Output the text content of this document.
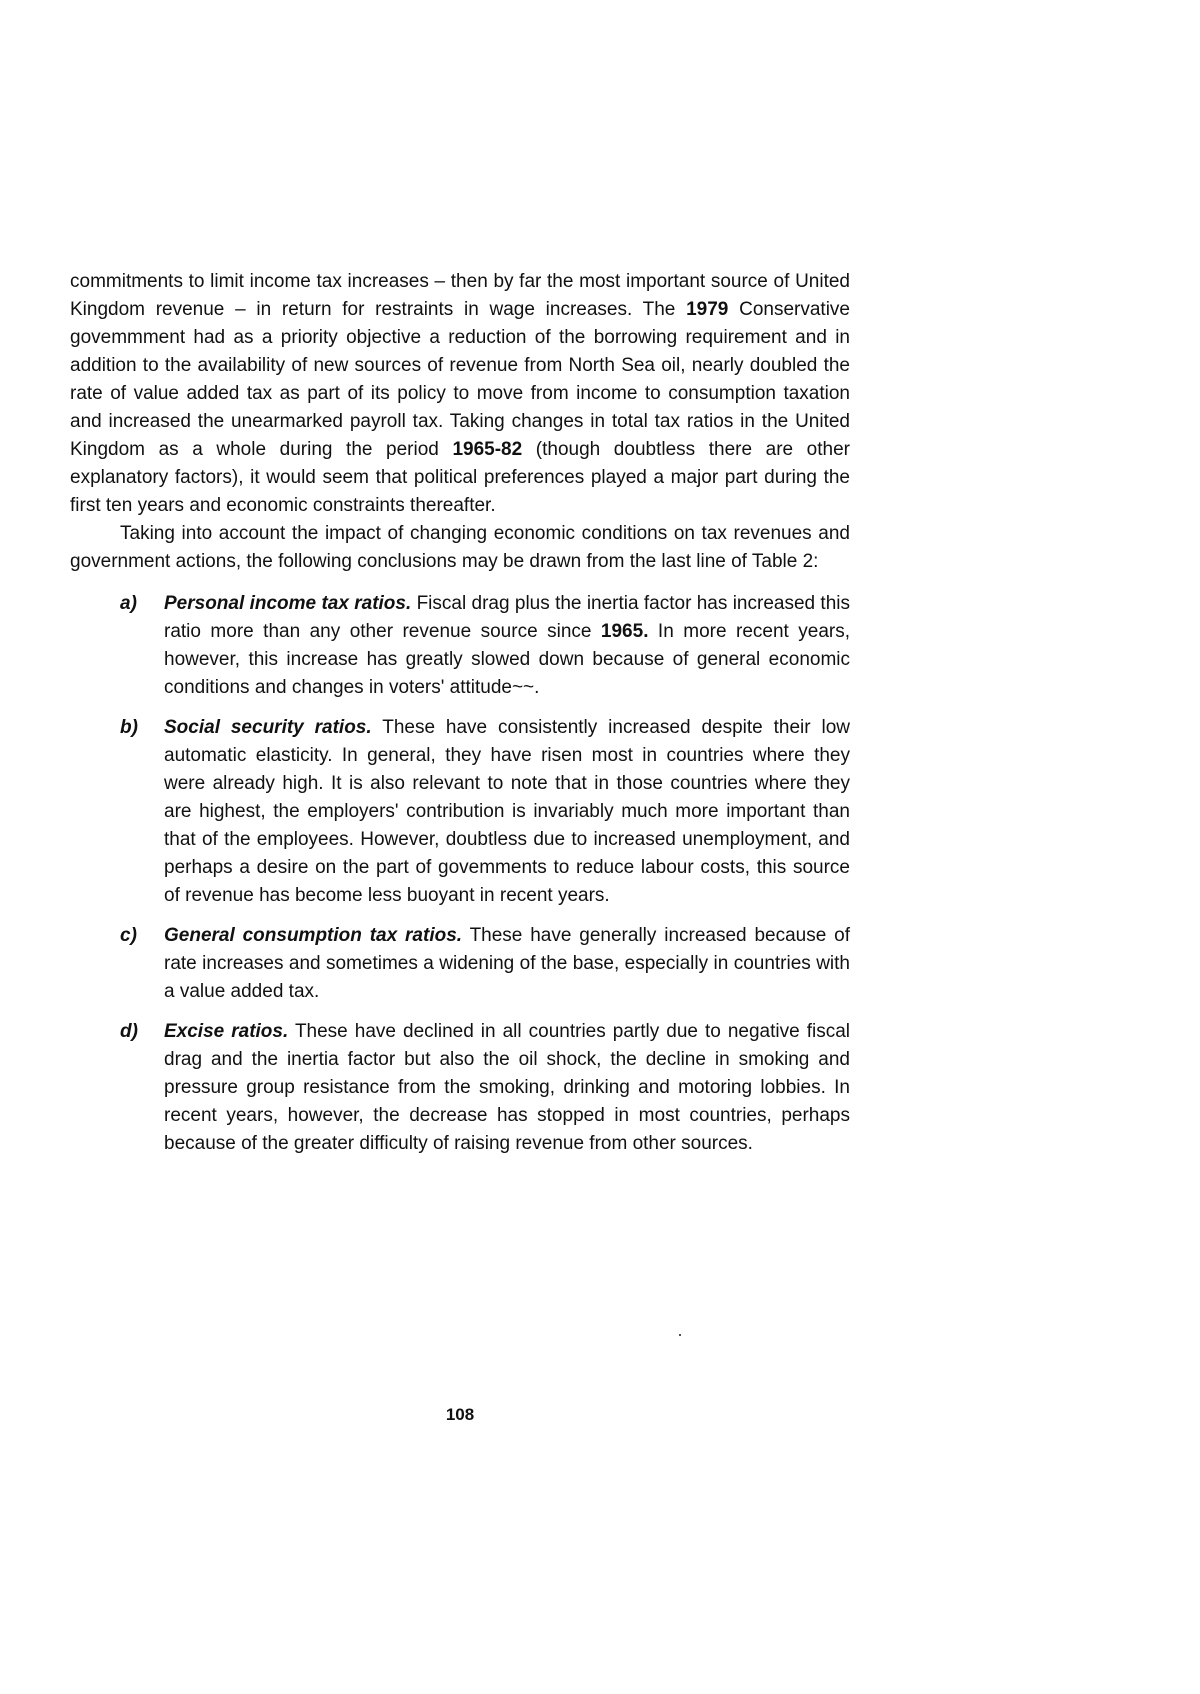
commitments to limit income tax increases – then by far the most important source of United Kingdom revenue – in return for restraints in wage increases. The 1979 Conservative govemmment had as a priority objective a reduction of the borrowing requirement and in addition to the availability of new sources of revenue from North Sea oil, nearly doubled the rate of value added tax as part of its policy to move from income to consumption taxation and increased the unearmarked payroll tax. Taking changes in total tax ratios in the United Kingdom as a whole during the period 1965-82 (though doubtless there are other explanatory factors), it would seem that political preferences played a major part during the first ten years and economic constraints thereafter.

Taking into account the impact of changing economic conditions on tax revenues and government actions, the following conclusions may be drawn from the last line of Table 2:

a)	Personal income tax ratios. Fiscal drag plus the inertia factor has increased this ratio more than any other revenue source since 1965. In more recent years, however, this increase has greatly slowed down because of general economic conditions and changes in voters' attitude~~.
b)	Social security ratios. These have consistently increased despite their low automatic elasticity. In general, they have risen most in countries where they were already high. It is also relevant to note that in those countries where they are highest, the employers' contribution is invariably much more important than that of the employees. However, doubtless due to increased unemployment, and perhaps a desire on the part of govemments to reduce labour costs, this source of revenue has become less buoyant in recent years.
c)	General consumption tax ratios. These have generally increased because of rate increases and sometimes a widening of the base, especially in countries with a value added tax.
d)	Excise ratios. These have declined in all countries partly due to negative fiscal drag and the inertia factor but also the oil shock, the decline in smoking and pressure group resistance from the smoking, drinking and motoring lobbies. In recent years, however, the decrease has stopped in most countries, perhaps because of the greater difficulty of raising revenue from other sources.
108
